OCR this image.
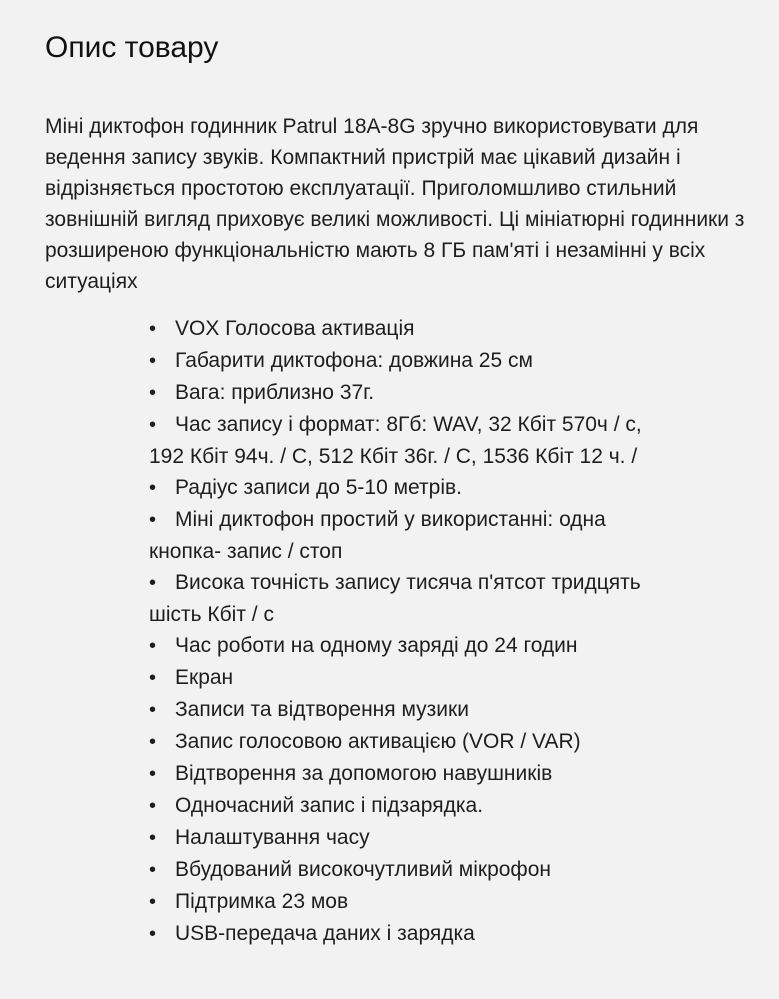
Опис товару

Міні диктофон годинник Patrul 18A-8G зручно використовувати для ведення запису звуків. Компактний пристрій має цікавий дизайн і відрізняється простотою експлуатації. Приголомшливо стильний зовнішній вигляд приховує великі можливості. Ці мініатюрні годинники з розширеною функціональністю мають 8 ГБ пам'яті і незамінні у всіх ситуаціях

• VOX Голосова активація
• Габарити диктофона: довжина 25 см
• Вага: приблизно 37г.
• Час запису і формат: 8Гб: WAV, 32 Кбіт 570ч / с, 192 Кбіт 94ч. / С, 512 Кбіт 36г. / С, 1536 Кбіт 12 ч. /
• Радіус записи до 5-10 метрів.
• Міні диктофон простий у використанні: одна кнопка- запис / стоп
• Висока точність запису тисяча п'ятсот тридцять шість Кбіт / с
• Час роботи на одному заряді до 24 годин
• Екран
• Записи та відтворення музики
• Запис голосовою активацією (VOR / VAR)
• Відтворення за допомогою навушників
• Одночасний запис і підзарядка.
• Налаштування часу
• Вбудований високочутливий мікрофон
• Підтримка 23 мов
• USB-передача даних і зарядка
